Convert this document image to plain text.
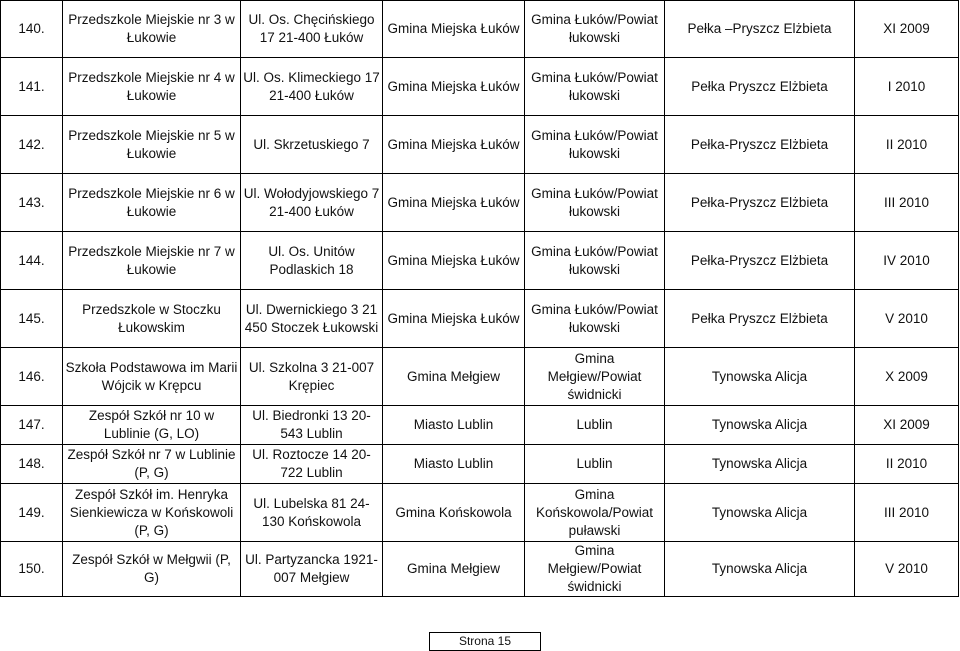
140.	Przedszkole Miejskie nr 3 w Łukowie	Ul. Os. Chęcińskiego 17 21-400 Łuków	Gmina Miejska Łuków	Gmina Łuków/Powiat łukowski	Pełka –Pryszcz Elżbieta	XI 2009
141.	Przedszkole Miejskie nr 4 w Łukowie	Ul. Os. Klimeckiego 17 21-400 Łuków	Gmina Miejska Łuków	Gmina Łuków/Powiat łukowski	Pełka Pryszcz Elżbieta	I 2010
142.	Przedszkole Miejskie nr 5 w Łukowie	Ul. Skrzetuskiego 7	Gmina Miejska Łuków	Gmina Łuków/Powiat łukowski	Pełka-Pryszcz Elżbieta	II 2010
143.	Przedszkole Miejskie nr 6 w Łukowie	Ul. Wołodyjowskiego 7 21-400 Łuków	Gmina Miejska Łuków	Gmina Łuków/Powiat łukowski	Pełka-Pryszcz Elżbieta	III 2010
144.	Przedszkole Miejskie nr 7 w Łukowie	Ul. Os. Unitów Podlaskich 18	Gmina Miejska Łuków	Gmina Łuków/Powiat łukowski	Pełka-Pryszcz Elżbieta	IV 2010
145.	Przedszkole w Stoczku Łukowskim	Ul. Dwernickiego 3 21 450 Stoczek Łukowski	Gmina Miejska Łuków	Gmina Łuków/Powiat łukowski	Pełka Pryszcz Elżbieta	V 2010
146.	Szkoła Podstawowa im Marii Wójcik w Krępcu	Ul. Szkolna 3 21-007 Krępiec	Gmina Mełgiew	Gmina Mełgiew/Powiat świdnicki	Tynowska Alicja	X 2009
147.	Zespół Szkół nr 10 w Lublinie (G, LO)	Ul. Biedronki 13 20-543 Lublin	Miasto Lublin	Lublin	Tynowska Alicja	XI 2009
148.	Zespół Szkół nr 7 w Lublinie (P, G)	Ul. Roztocze 14 20-722 Lublin	Miasto Lublin	Lublin	Tynowska Alicja	II 2010
149.	Zespół Szkół im. Henryka Sienkiewicza w Końskowoli (P, G)	Ul. Lubelska 81 24-130 Końskowola	Gmina Końskowola	Gmina Końskowola/Powiat puławski	Tynowska Alicja	III 2010
150.	Zespół Szkół w Mełgwii (P, G)	Ul. Partyzancka 1921-007 Mełgiew	Gmina Mełgiew	Gmina Mełgiew/Powiat świdnicki	Tynowska Alicja	V 2010
Strona 15
